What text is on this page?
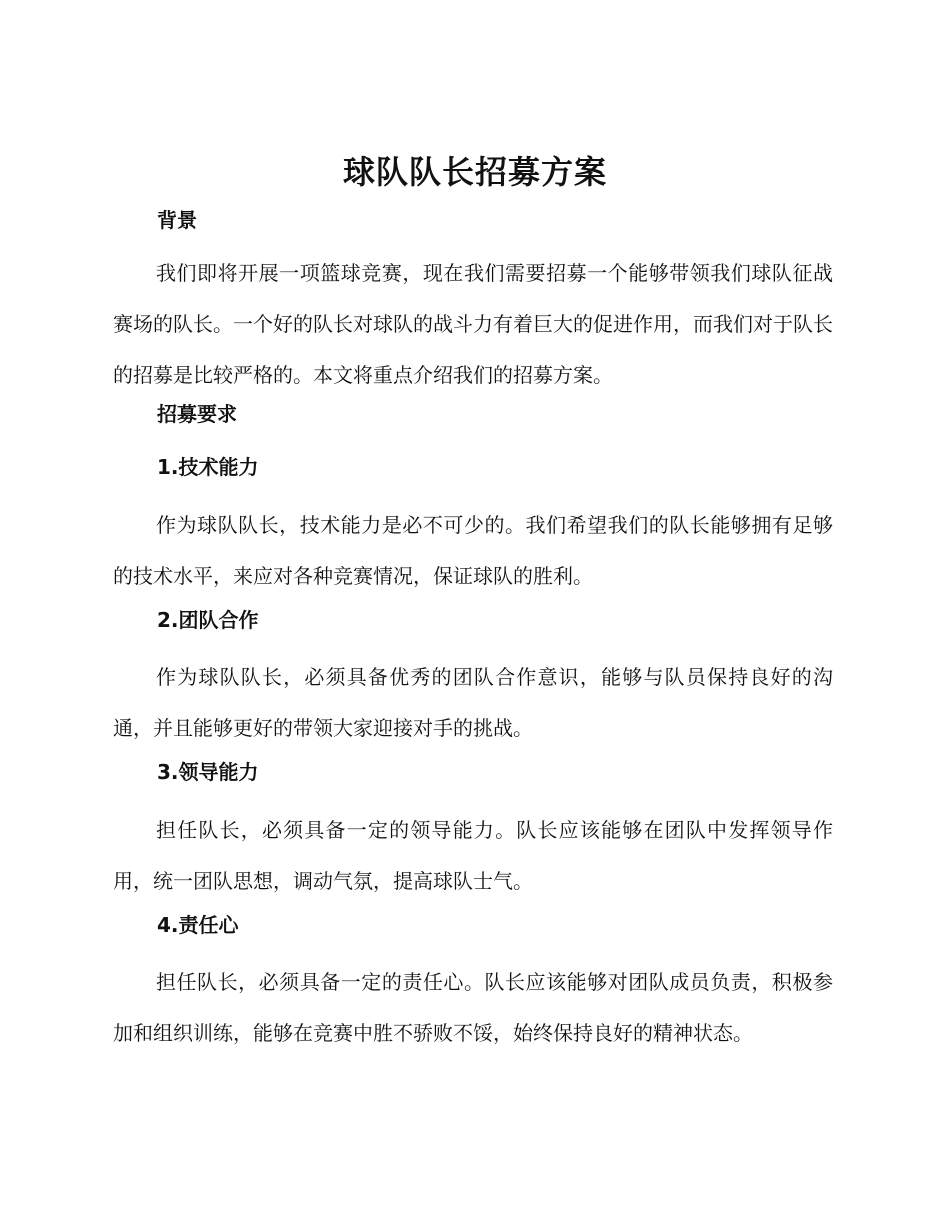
球队队长招募方案
背景

我们即将开展一项篮球竞赛，现在我们需要招募一个能够带领我们球队征战赛场的队长。一个好的队长对球队的战斗力有着巨大的促进作用，而我们对于队长的招募是比较严格的。本文将重点介绍我们的招募方案。

招募要求
1.技术能力

作为球队队长，技术能力是必不可少的。我们希望我们的队长能够拥有足够的技术水平，来应对各种竞赛情况，保证球队的胜利。

2.团队合作

作为球队队长，必须具备优秀的团队合作意识，能够与队员保持良好的沟通，并且能够更好的带领大家迎接对手的挑战。

3.领导能力

担任队长，必须具备一定的领导能力。队长应该能够在团队中发挥领导作用，统一团队思想，调动气氛，提高球队士气。

4.责任心

担任队长，必须具备一定的责任心。队长应该能够对团队成员负责，积极参加和组织训练，能够在竞赛中胜不骄败不馁，始终保持良好的精神状态。
